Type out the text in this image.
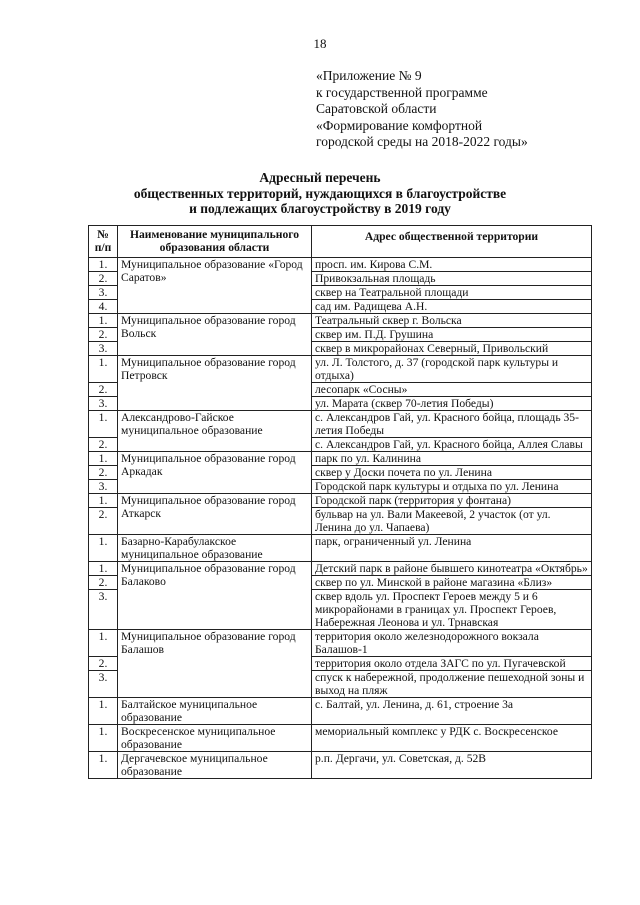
18
«Приложение № 9
к государственной программе
Саратовской области
«Формирование комфортной
городской среды на 2018-2022 годы»
Адресный перечень
общественных территорий, нуждающихся в благоустройстве
и подлежащих благоустройству в 2019 году
№ п/п	Наименование муниципального образования области	Адрес общественной территории
1.	Муниципальное образование «Город Саратов»	просп. им. Кирова С.М.
2.		Привокзальная площадь
3.		сквер на Театральной площади
4.		сад им. Радищева А.Н.
1.	Муниципальное образование город Вольск	Театральный сквер г. Вольска
2.		сквер им. П.Д. Грушина
3.		сквер в микрорайонах Северный, Привольский
1.	Муниципальное образование город Петровск	ул. Л. Толстого, д. 37 (городской парк культуры и отдыха)
2.		лесопарк «Сосны»
3.		ул. Марата (сквер 70-летия Победы)
1.	Александрово-Гайское муниципальное образование	с. Александров Гай, ул. Красного бойца, площадь 35-летия Победы
2.		с. Александров Гай, ул. Красного бойца, Аллея Славы
1.	Муниципальное образование город Аркадак	парк по ул. Калинина
2.		сквер у Доски почета по ул. Ленина
3.		Городской парк культуры и отдыха по ул. Ленина
1.	Муниципальное образование город Аткарск	Городской парк (территория у фонтана)
2.		бульвар на ул. Вали Макеевой, 2 участок (от ул. Ленина до ул. Чапаева)
1.	Базарно-Карабулакское муниципальное образование	парк, ограниченный ул. Ленина
1.	Муниципальное образование город Балаково	Детский парк в районе бывшего кинотеатра «Октябрь»
2.		сквер по ул. Минской в районе магазина «Близ»
3.		сквер вдоль ул. Проспект Героев между 5 и 6 микрорайонами в границах ул. Проспект Героев, Набережная Леонова и ул. Трнавская
1.	Муниципальное образование город Балашов	территория около железнодорожного вокзала Балашов-1
2.		территория около отдела ЗАГС по ул. Пугачевской
3.		спуск к набережной, продолжение пешеходной зоны и выход на пляж
1.	Балтайское муниципальное образование	с. Балтай, ул. Ленина, д. 61, строение 3а
1.	Воскресенское муниципальное образование	мемориальный комплекс у РДК с. Воскресенское
1.	Дергачевское муниципальное образование	р.п. Дергачи, ул. Советская, д. 52В
